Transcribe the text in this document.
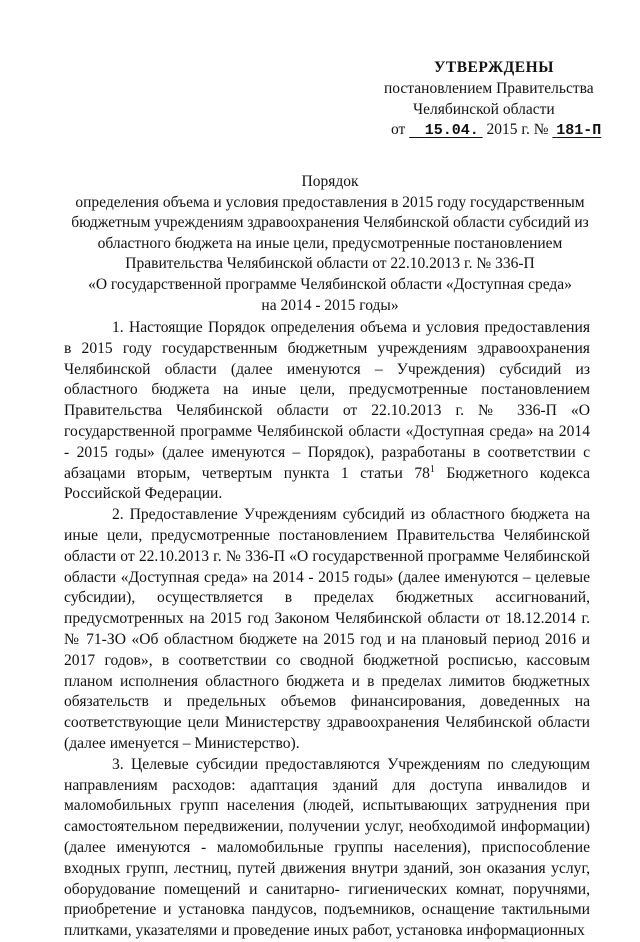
УТВЕРЖДЕНЫ
постановлением Правительства
Челябинской области
от 15.04. 2015 г. № 181-П
Порядок
определения объема и условия предоставления в 2015 году государственным
бюджетным учреждениям здравоохранения Челябинской области субсидий из
областного бюджета на иные цели, предусмотренные постановлением
Правительства Челябинской области от 22.10.2013 г. № 336-П
«О государственной программе Челябинской области «Доступная среда»
на 2014 - 2015 годы»

1. Настоящие Порядок определения объема и условия предоставления в 2015 году государственным бюджетным учреждениям здравоохранения Челябинской области (далее именуются – Учреждения) субсидий из областного бюджета на иные цели, предусмотренные постановлением Правительства Челябинской области от 22.10.2013 г. № 336-П «О государственной программе Челябинской области «Доступная среда» на 2014 - 2015 годы» (далее именуются – Порядок), разработаны в соответствии с абзацами вторым, четвертым пункта 1 статьи $78^1$ Бюджетного кодекса Российской Федерации.

2. Предоставление Учреждениям субсидий из областного бюджета на иные цели, предусмотренные постановлением Правительства Челябинской области от 22.10.2013 г. № 336-П «О государственной программе Челябинской области «Доступная среда» на 2014 - 2015 годы» (далее именуются – целевые субсидии), осуществляется в пределах бюджетных ассигнований, предусмотренных на 2015 год Законом Челябинской области от 18.12.2014 г. № 71-ЗО «Об областном бюджете на 2015 год и на плановый период 2016 и 2017 годов», в соответствии со сводной бюджетной росписью, кассовым планом исполнения областного бюджета и в пределах лимитов бюджетных обязательств и предельных объемов финансирования, доведенных на соответствующие цели Министерству здравоохранения Челябинской области (далее именуется – Министерство).

3. Целевые субсидии предоставляются Учреждениям по следующим направлениям расходов: адаптация зданий для доступа инвалидов и маломобильных групп населения (людей, испытывающих затруднения при самостоятельном передвижении, получении услуг, необходимой информации) (далее именуются - маломобильные группы населения), приспособление входных групп, лестниц, путей движения внутри зданий, зон оказания услуг, оборудование помещений и санитарно- гигиенических комнат, поручнями, приобретение и установка пандусов, подъемников, оснащение тактильными плитками, указателями и проведение иных работ, установка информационных
